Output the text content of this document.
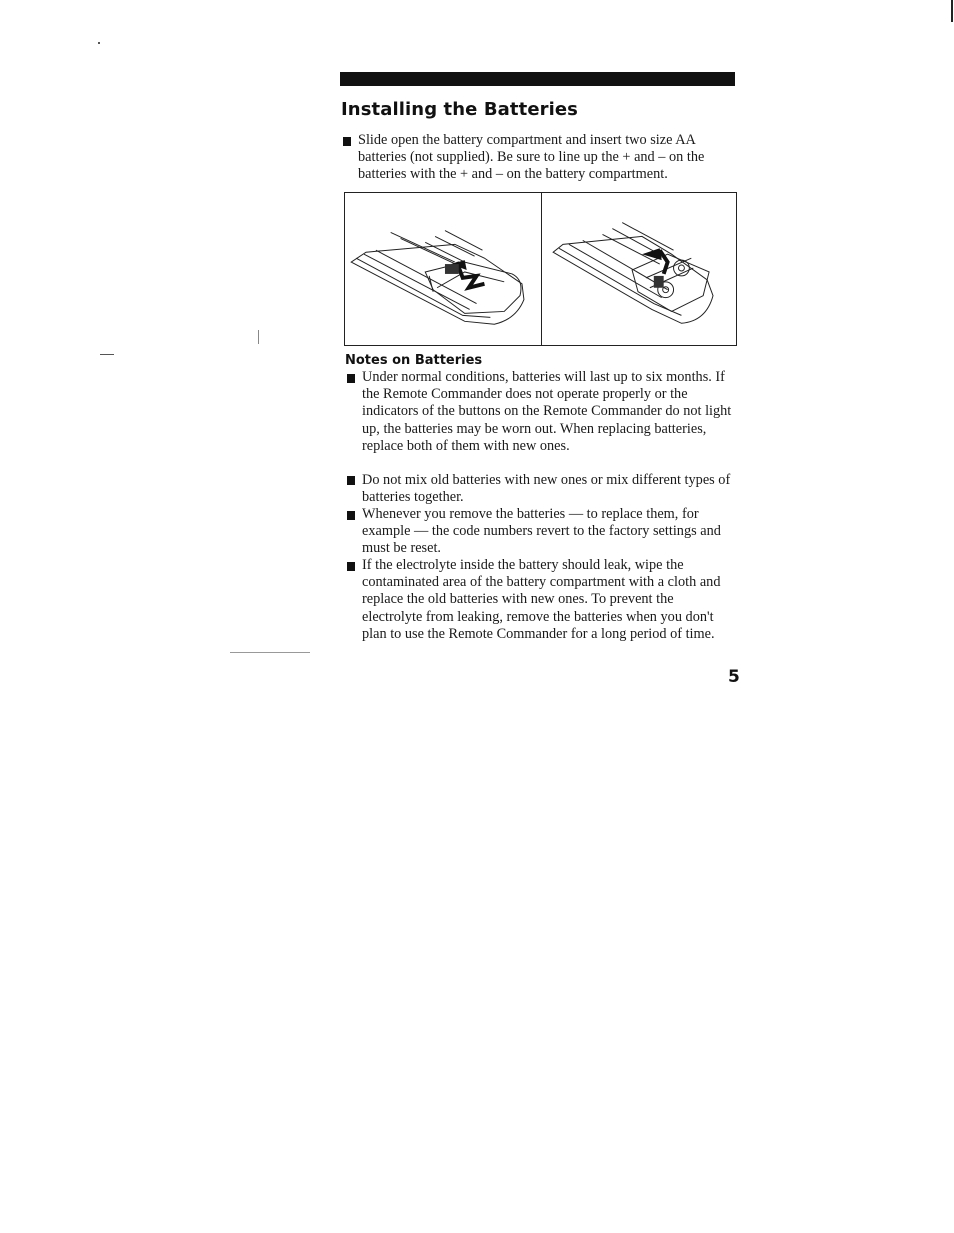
Installing the Batteries
Slide open the battery compartment and insert two size AA batteries (not supplied). Be sure to line up the + and – on the batteries with the + and – on the battery compartment.
Notes on Batteries
Under normal conditions, batteries will last up to six months. If the Remote Commander does not operate properly or the indicators of the buttons on the Remote Commander do not light up, the batteries may be worn out. When replacing batteries, replace both of them with new ones.
Do not mix old batteries with new ones or mix different types of batteries together.
Whenever you remove the batteries — to replace them, for example — the code numbers revert to the factory settings and must be reset.
If the electrolyte inside the battery should leak, wipe the contaminated area of the battery compartment with a cloth and replace the old batteries with new ones. To prevent the electrolyte from leaking, remove the batteries when you don't plan to use the Remote Commander for a long period of time.
5
